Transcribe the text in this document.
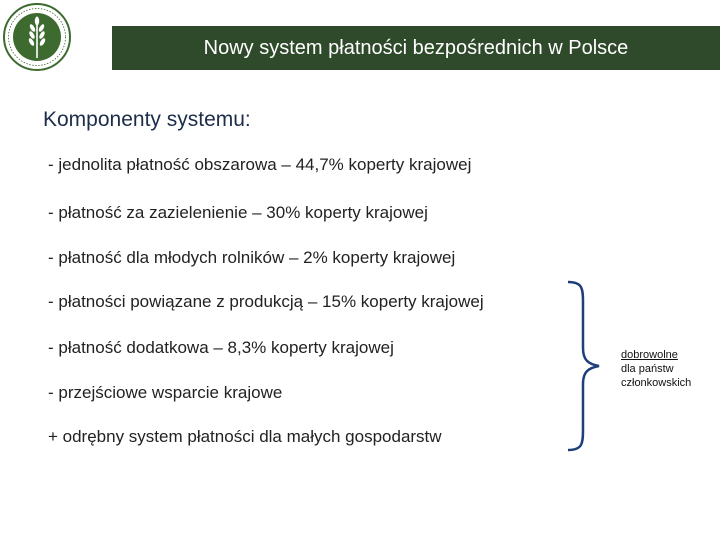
Nowy system płatności bezpośrednich w Polsce
Komponenty systemu:
- jednolita płatność obszarowa – 44,7% koperty krajowej
- płatność za zazielenienie – 30% koperty krajowej
- płatność dla młodych rolników – 2% koperty krajowej
- płatności powiązane z produkcją – 15% koperty krajowej
- płatność dodatkowa – 8,3% koperty krajowej
- przejściowe wsparcie krajowe
+ odrębny system płatności dla małych gospodarstw
dobrowolne
dla państw
członkowskich
